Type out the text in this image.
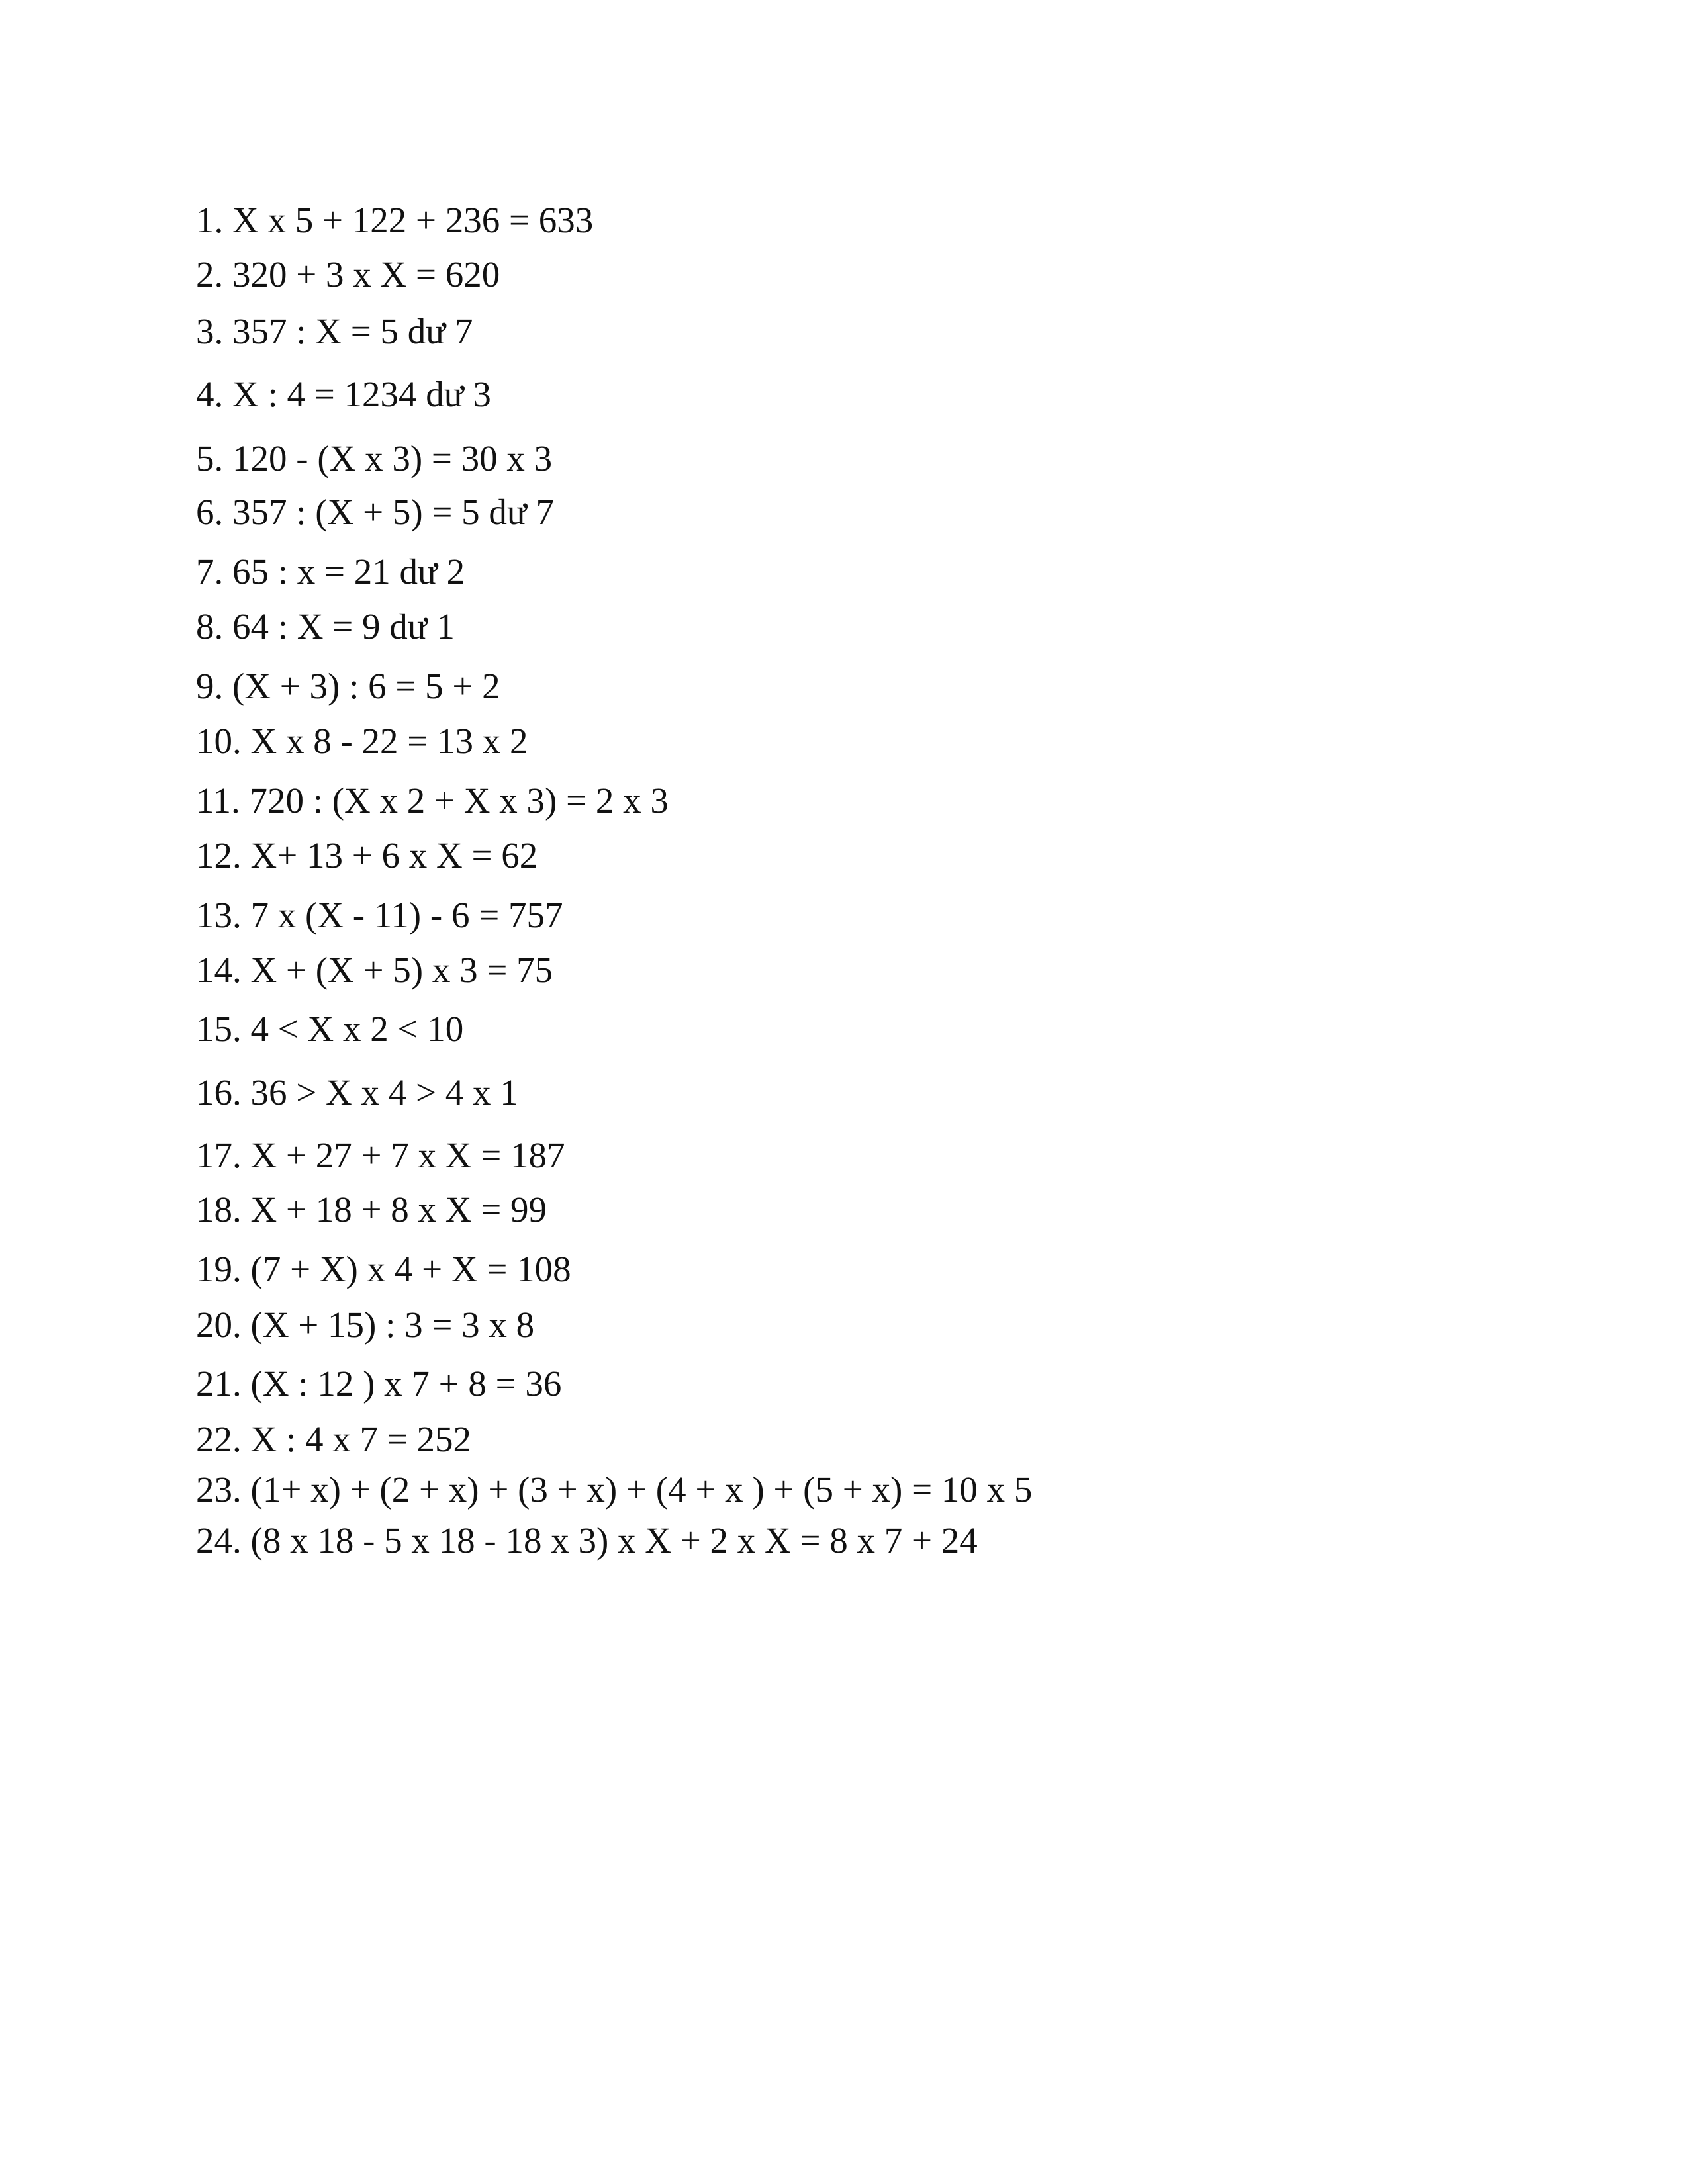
1. X x 5 + 122 + 236 = 633
2. 320 + 3 x X = 620
3. 357 : X = 5 dư 7
4. X : 4 = 1234 dư 3
5. 120 - (X x 3) = 30 x 3
6. 357 : (X + 5) = 5 dư 7
7. 65 : x = 21 dư 2
8. 64 : X = 9 dư 1
9. (X + 3) : 6 = 5 + 2
10. X x 8 - 22 = 13 x 2
11. 720 : (X x 2 + X x 3) = 2 x 3
12. X+ 13 + 6 x X = 62
13. 7 x (X - 11) - 6 = 757
14. X + (X + 5) x 3 = 75
15. 4 < X x 2 < 10
16. 36 > X x 4 > 4 x 1
17. X + 27 + 7 x X = 187
18. X + 18 + 8 x X = 99
19. (7 + X) x 4 + X = 108
20. (X + 15) : 3 = 3 x 8
21. (X : 12 ) x 7 + 8 = 36
22. X : 4 x 7 = 252
23. (1+ x) + (2 + x) + (3 + x) + (4 + x ) + (5 + x) = 10 x 5
24. (8 x 18 - 5 x 18 - 18 x 3) x X + 2 x X = 8 x 7 + 24
